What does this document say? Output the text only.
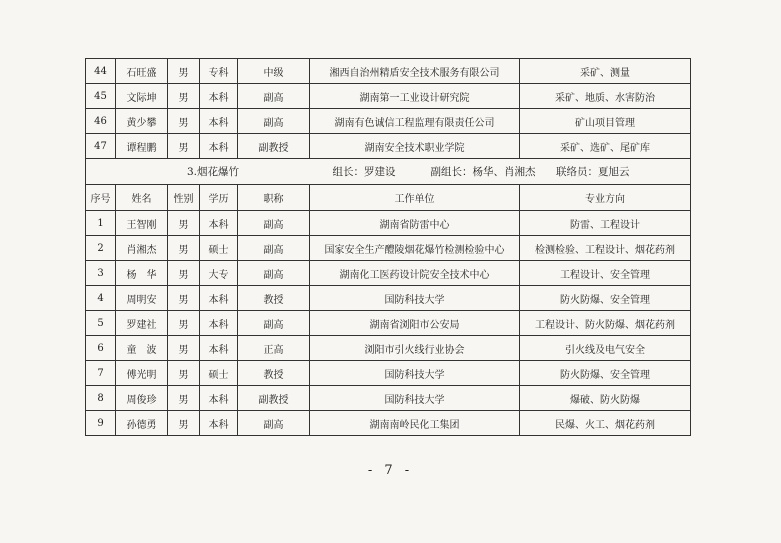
44	石旺盛	男	专科	中级	湘西自治州精盾安全技术服务有限公司	采矿、测量
45	文际坤	男	本科	副高	湖南第一工业设计研究院	采矿、地质、水害防治
46	黄少攀	男	本科	副高	湖南有色诚信工程监理有限责任公司	矿山项目管理
47	谭程鹏	男	本科	副教授	湖南安全技术职业学院	采矿、选矿、尾矿库

3.烟花爆竹 组长：罗建设 副组长：杨华、肖湘杰 联络员：夏旭云						

序号	姓名	性别	学历	职称	工作单位	专业方向
1	王智刚	男	本科	副高	湖南省防雷中心	防雷、工程设计
2	肖湘杰	男	硕士	副高	国家安全生产醴陵烟花爆竹检测检验中心	检测检验、工程设计、烟花药剂
3	杨　华	男	大专	副高	湖南化工医药设计院安全技术中心	工程设计、安全管理
4	周明安	男	本科	教授	国防科技大学	防火防爆、安全管理
5	罗建社	男	本科	副高	湖南省浏阳市公安局	工程设计、防火防爆、烟花药剂
6	童　波	男	本科	正高	浏阳市引火线行业协会	引火线及电气安全
7	傅光明	男	硕士	教授	国防科技大学	防火防爆、安全管理
8	周俊珍	男	本科	副教授	国防科技大学	爆破、防火防爆
9	孙德勇	男	本科	副高	湖南南岭民化工集团	民爆、火工、烟花药剂
- 7 -
